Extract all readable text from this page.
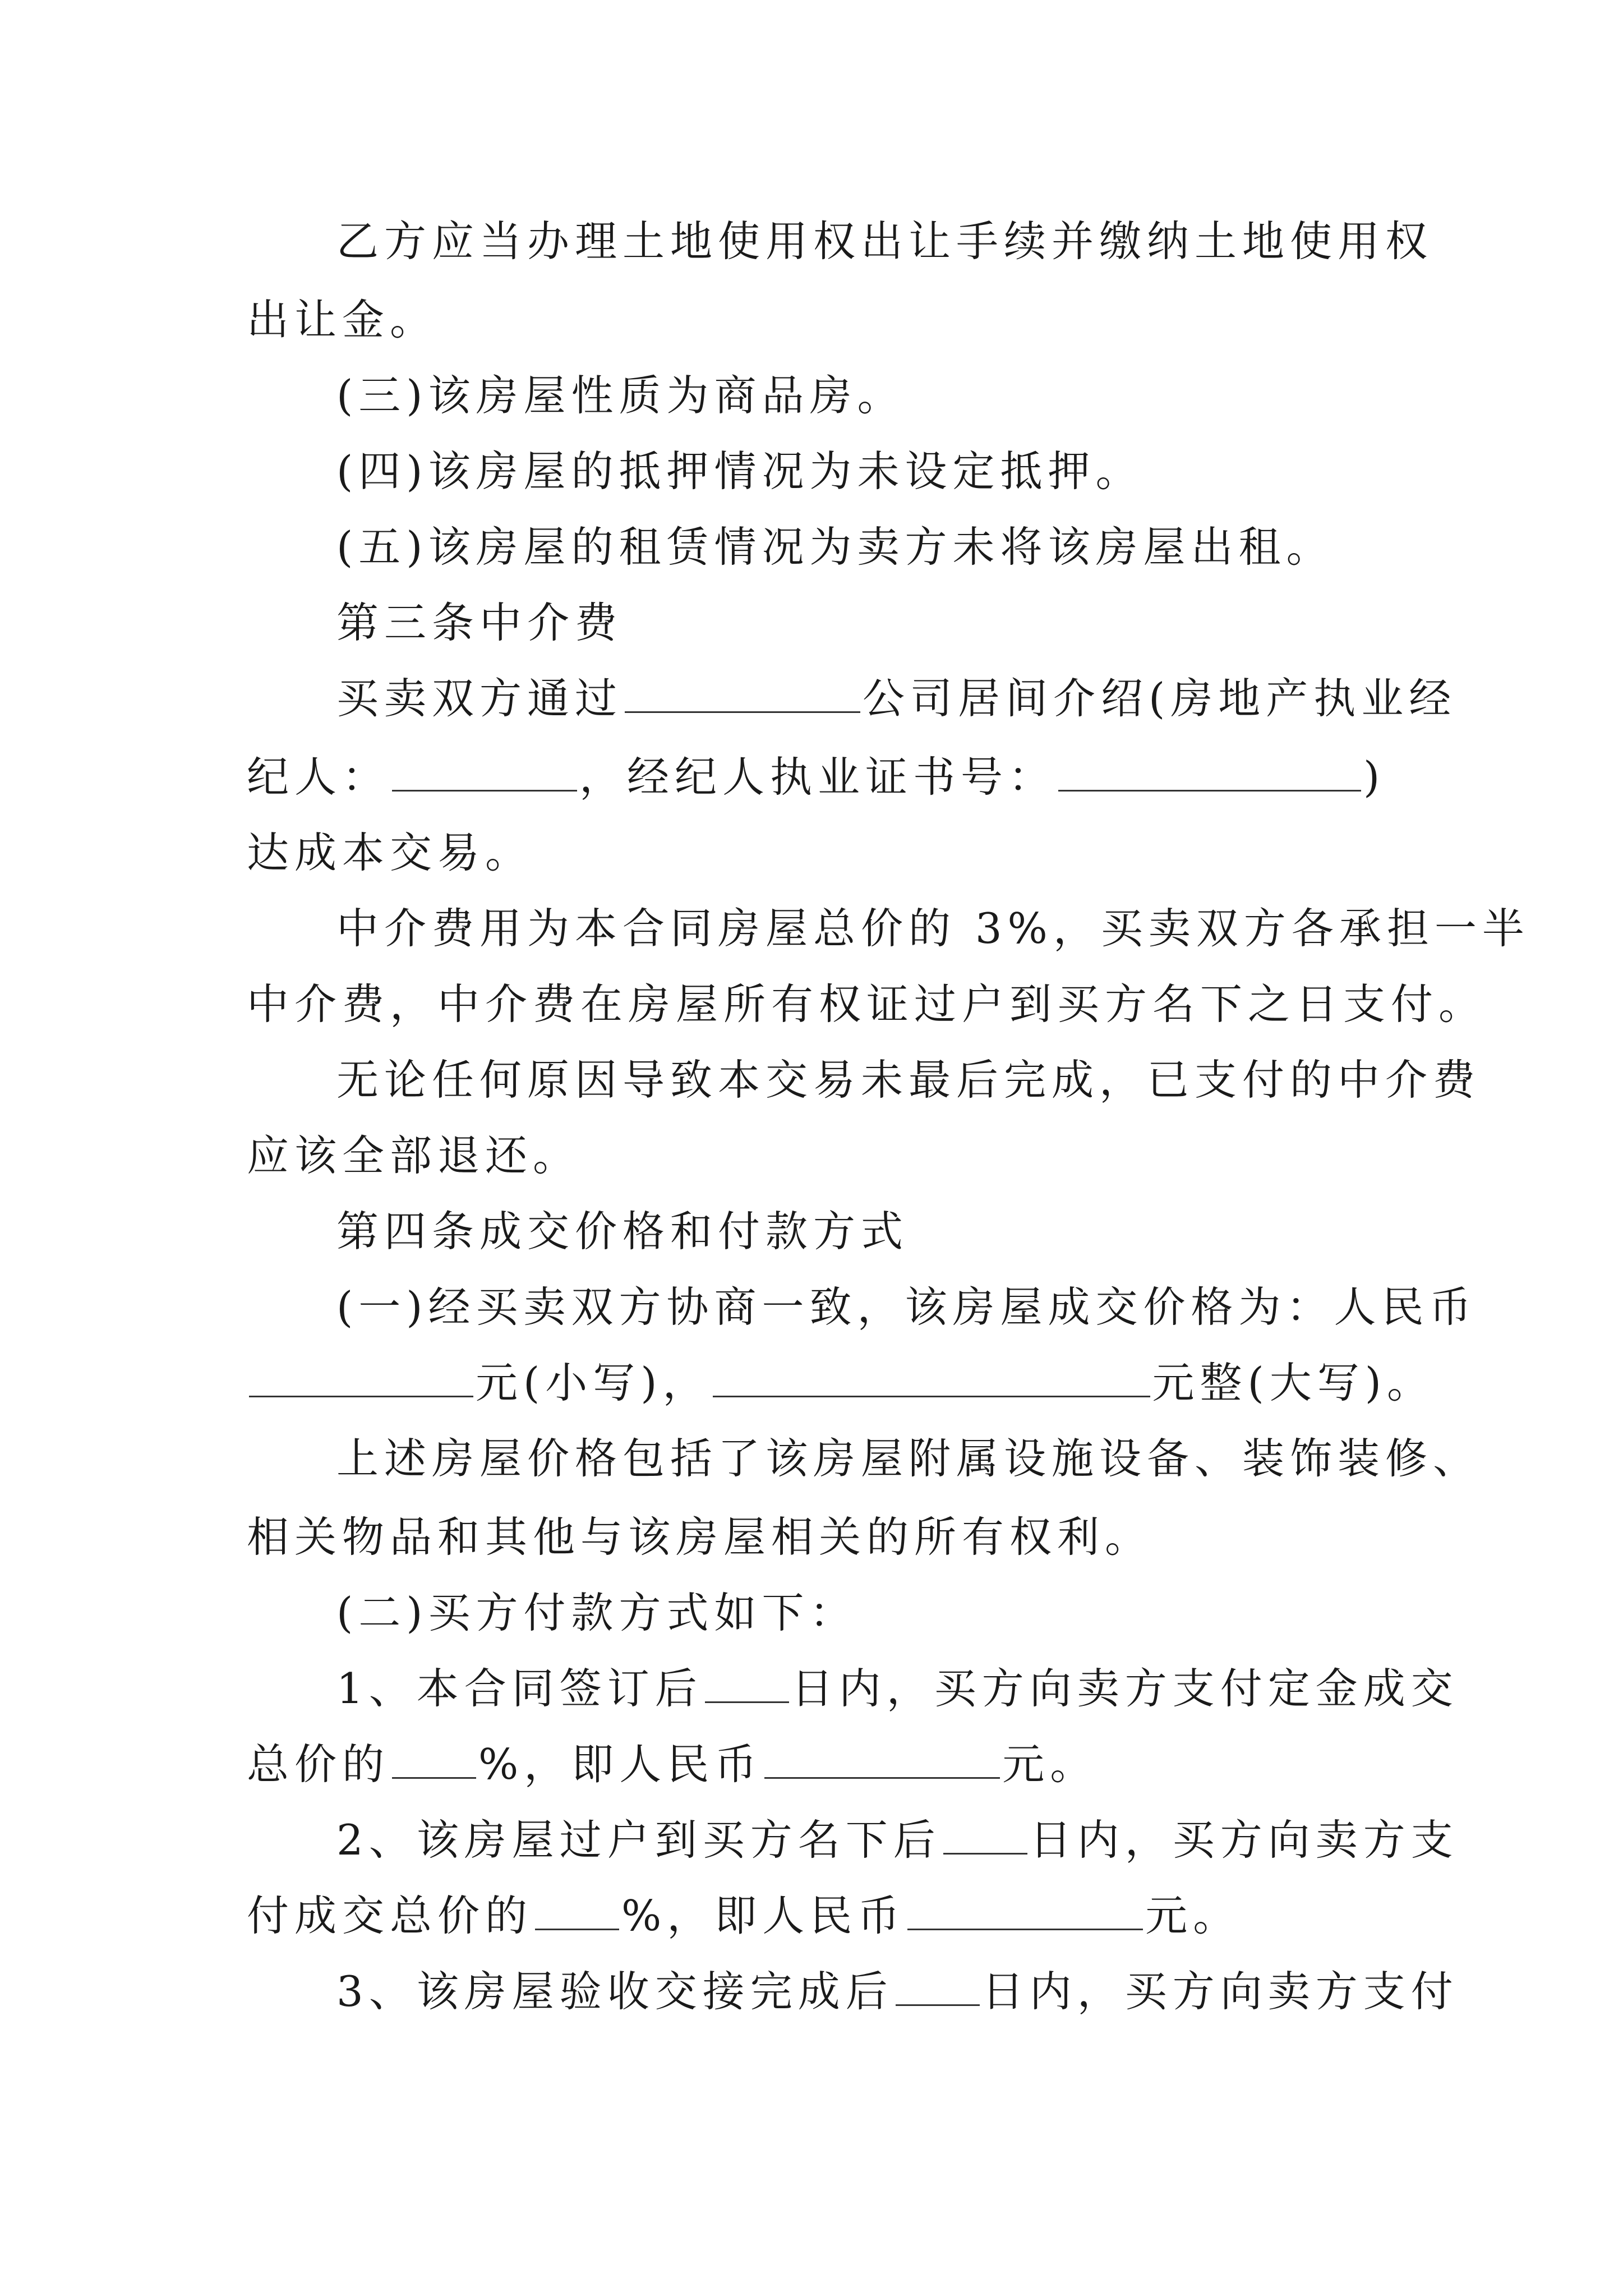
乙方应当办理土地使用权出让手续并缴纳土地使用权
出让金。
(三)该房屋性质为商品房。
(四)该房屋的抵押情况为未设定抵押。
(五)该房屋的租赁情况为卖方未将该房屋出租。
第三条中介费
买卖双方通过	公司居间介绍(房地产执业经
纪人：	，经纪人执业证书号：	)
达成本交易。
中介费用为本合同房屋总价的 3%，买卖双方各承担一半
中介费，中介费在房屋所有权证过户到买方名下之日支付。
无论任何原因导致本交易未最后完成，已支付的中介费
应该全部退还。
第四条成交价格和付款方式
(一)经买卖双方协商一致，该房屋成交价格为：人民币
元(小写)，	元整(大写)。
上述房屋价格包括了该房屋附属设施设备、装饰装修、
相关物品和其他与该房屋相关的所有权利。
(二)买方付款方式如下：
1、本合同签订后 日内，买方向卖方支付定金成交
总价的 %，即人民币	元。
2、该房屋过户到买方名下后 日内，买方向卖方支
付成交总价的 %，即人民币	元。
3、该房屋验收交接完成后 日内，买方向卖方支付
